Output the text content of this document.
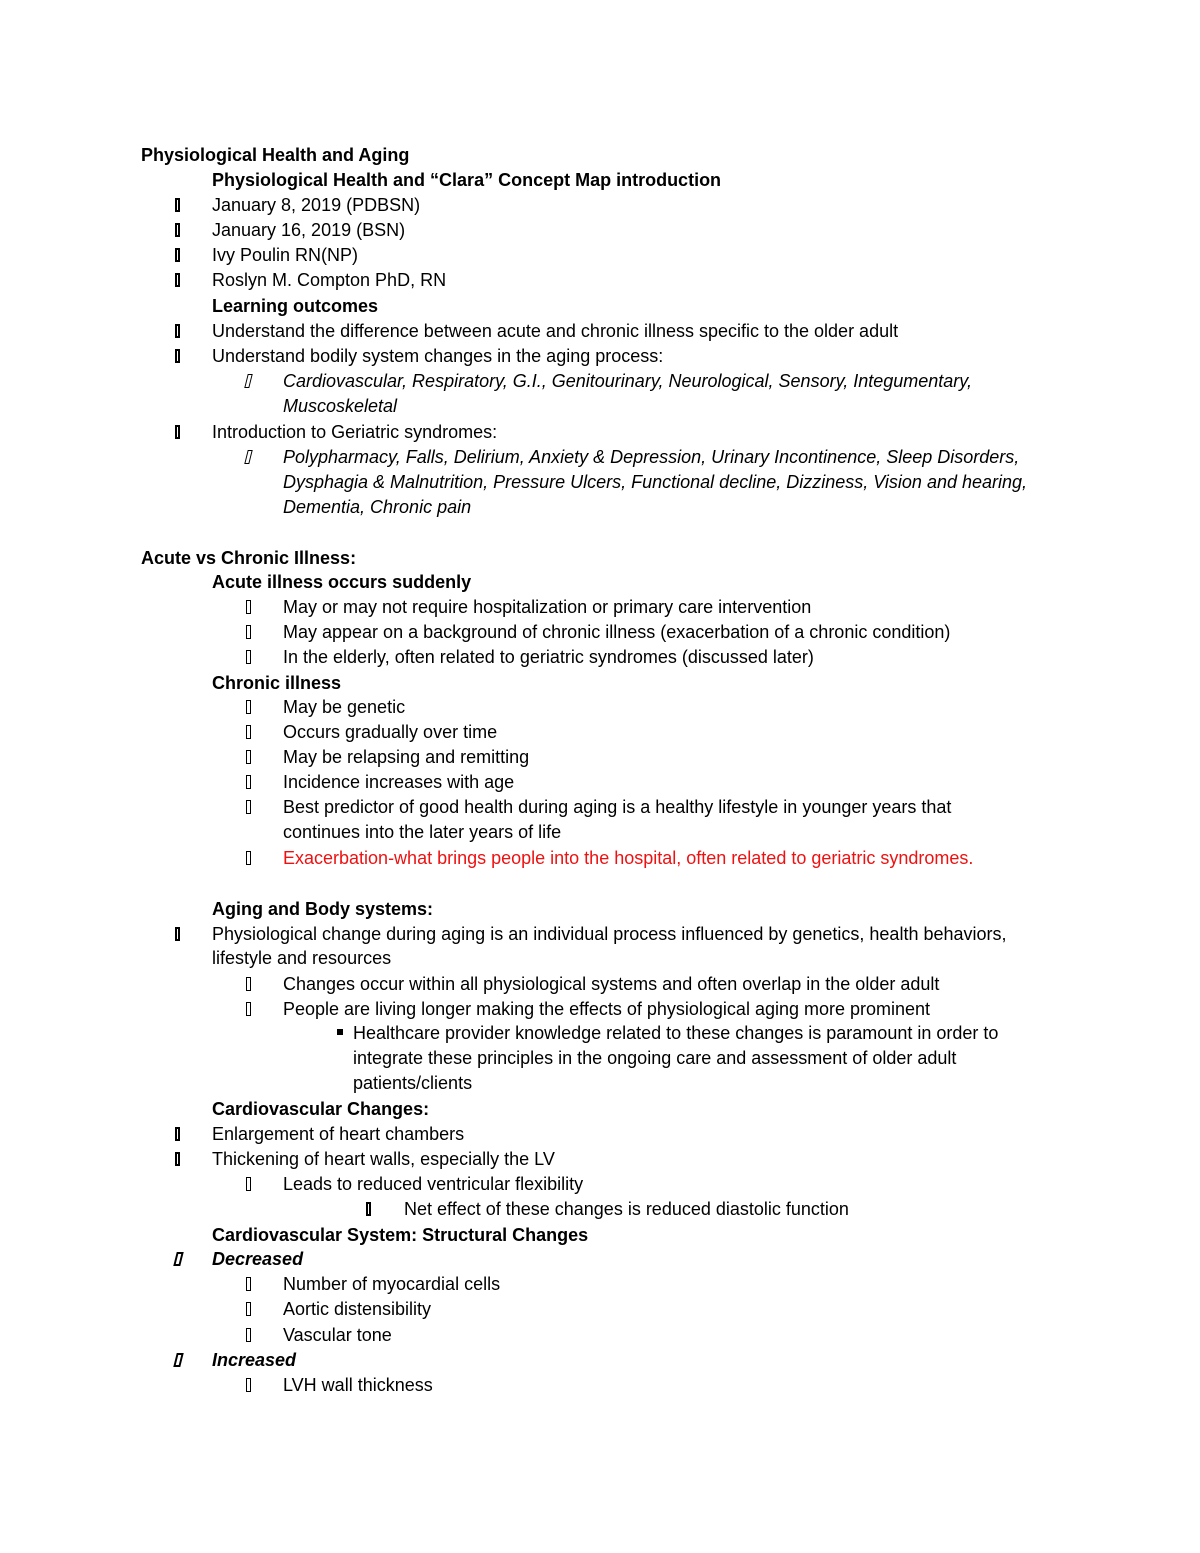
Physiological Health and Aging
Physiological Health and “Clara” Concept Map introduction
January 8, 2019 (PDBSN)
January 16, 2019 (BSN)
Ivy Poulin RN(NP)
Roslyn M. Compton PhD, RN
Learning outcomes
Understand the difference between acute and chronic illness specific to the older adult
Understand bodily system changes in the aging process:
Cardiovascular, Respiratory, G.I., Genitourinary, Neurological, Sensory, Integumentary,
Muscoskeletal
Introduction to Geriatric syndromes:
Polypharmacy, Falls, Delirium, Anxiety & Depression, Urinary Incontinence, Sleep Disorders,
Dysphagia & Malnutrition, Pressure Ulcers, Functional decline, Dizziness, Vision and hearing,
Dementia, Chronic pain
Acute vs Chronic Illness:
Acute illness occurs suddenly
May or may not require hospitalization or primary care intervention
May appear on a background of chronic illness (exacerbation of a chronic condition)
In the elderly, often related to geriatric syndromes (discussed later)
Chronic illness
May be genetic
Occurs gradually over time
May be relapsing and remitting
Incidence increases with age
Best predictor of good health during aging is a healthy lifestyle in younger years that
continues into the later years of life
Exacerbation-what brings people into the hospital, often related to geriatric syndromes.
Aging and Body systems:
Physiological change during aging is an individual process influenced by genetics, health behaviors,
lifestyle and resources
Changes occur within all physiological systems and often overlap in the older adult
People are living longer making the effects of physiological aging more prominent
Healthcare provider knowledge related to these changes is paramount in order to
integrate these principles in the ongoing care and assessment of older adult
patients/clients
Cardiovascular Changes:
Enlargement of heart chambers
Thickening of heart walls, especially the LV
Leads to reduced ventricular flexibility
Net effect of these changes is reduced diastolic function
Cardiovascular System: Structural Changes
Decreased
Number of myocardial cells
Aortic distensibility
Vascular tone
Increased
LVH wall thickness
